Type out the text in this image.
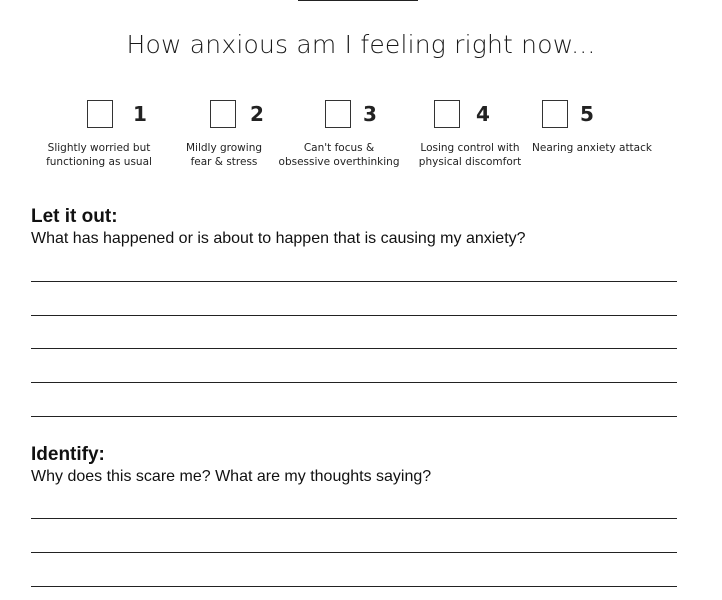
How anxious am I feeling right now...
1
Slightly worried but
functioning as usual
2
Mildly growing
fear & stress
3
Can't focus &
obsessive overthinking
4
Losing control with
physical discomfort
5
Nearing anxiety attack
Let it out:
What has happened or is about to happen that is causing my anxiety?
Identify:
Why does this scare me? What are my thoughts saying?
